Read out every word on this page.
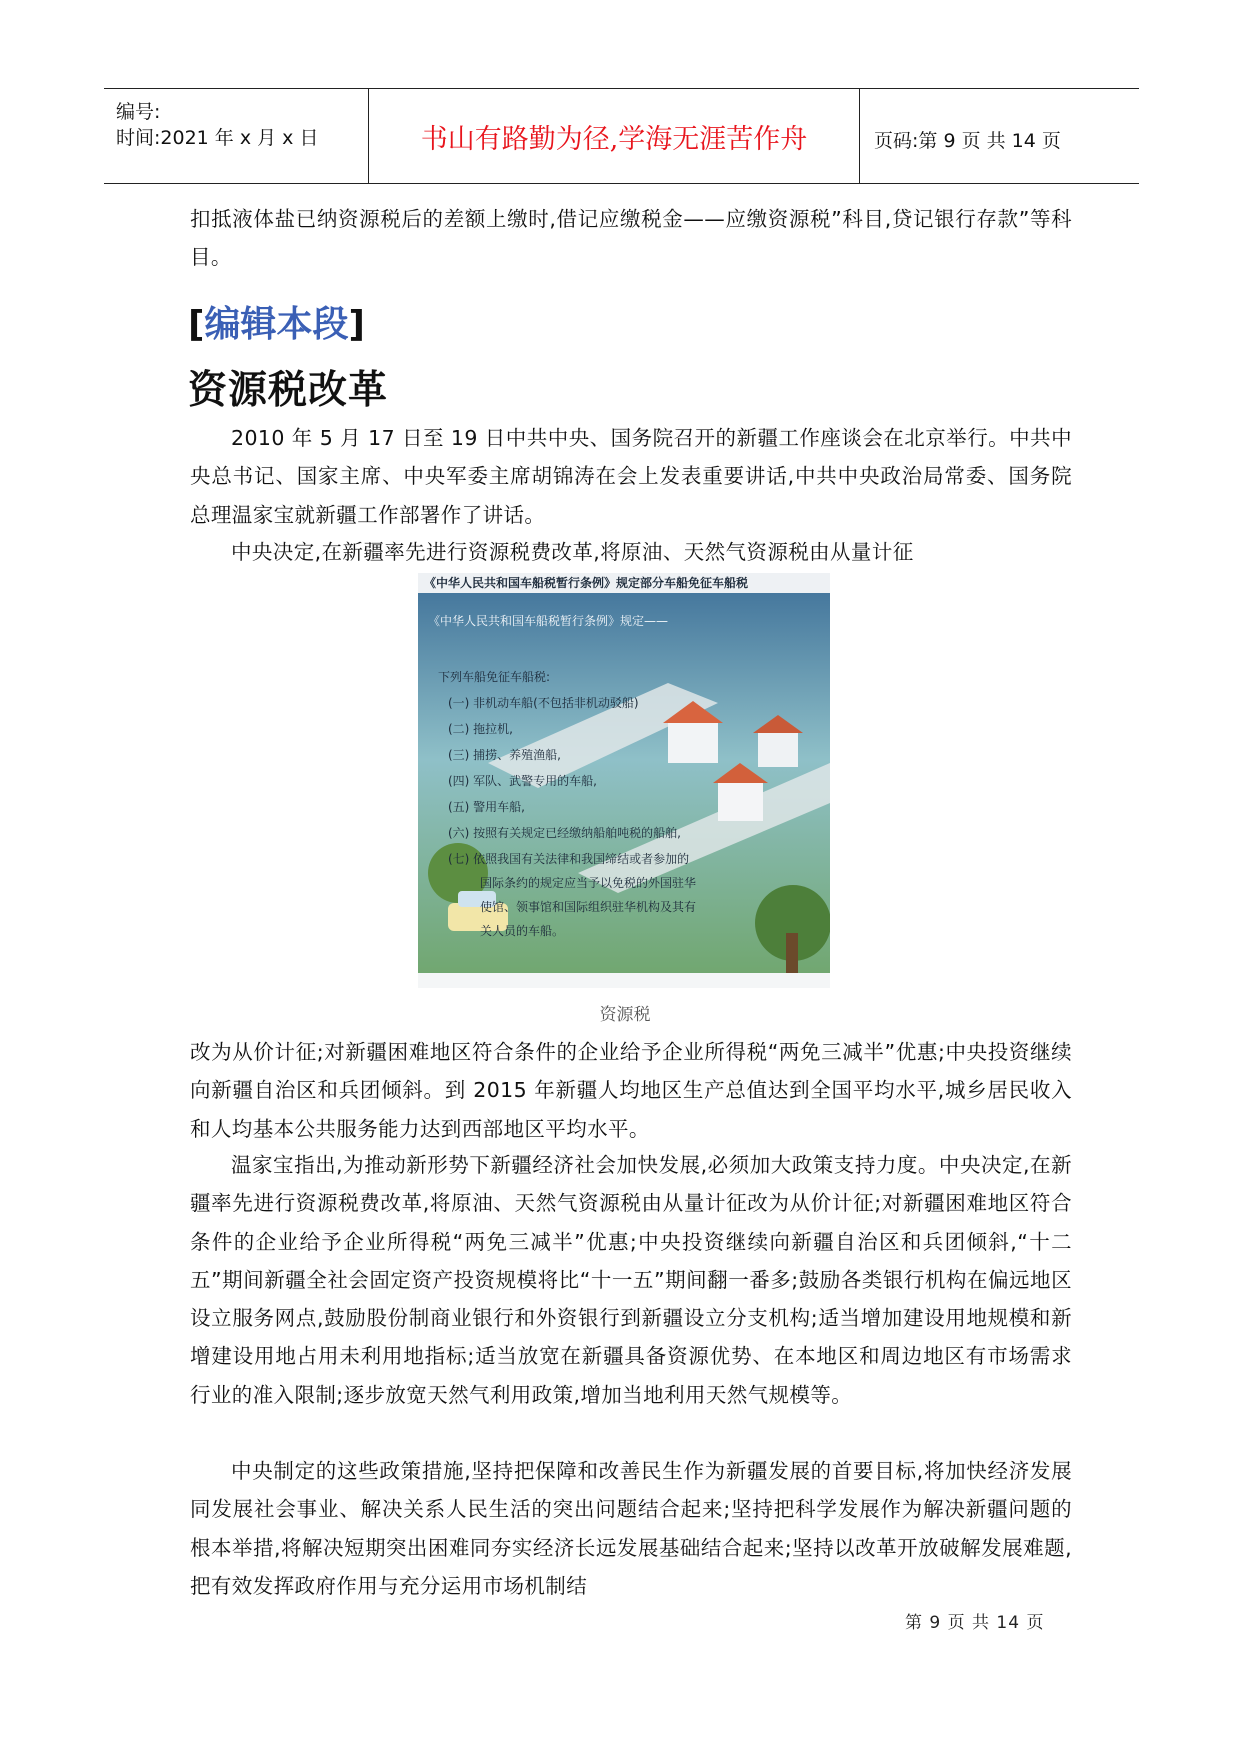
编号:
时间:2021 年 x 月 x 日	书山有路勤为径,学海无涯苦作舟	页码:第 9 页 共 14 页
扣抵液体盐已纳资源税后的差额上缴时,借记应缴税金——应缴资源税”科目,贷记银行存款”等科目。
[编辑本段]
资源税改革
2010 年 5 月 17 日至 19 日中共中央、国务院召开的新疆工作座谈会在北京举行。中共中央总书记、国家主席、中央军委主席胡锦涛在会上发表重要讲话,中共中央政治局常委、国务院总理温家宝就新疆工作部署作了讲话。
中央决定,在新疆率先进行资源税费改革,将原油、天然气资源税由从量计征
《中华人民共和国车船税暂行条例》规定部分车船免征车船税
《中华人民共和国车船税暂行条例》规定——
下列车船免征车船税:
(一) 非机动车船(不包括非机动驳船)
(二) 拖拉机,
(三) 捕捞、养殖渔船,
(四) 军队、武警专用的车船,
(五) 警用车船,
(六) 按照有关规定已经缴纳船舶吨税的船舶,
(七) 依照我国有关法律和我国缔结或者参加的
国际条约的规定应当予以免税的外国驻华
使馆、领事馆和国际组织驻华机构及其有
关人员的车船。
资源税
改为从价计征;对新疆困难地区符合条件的企业给予企业所得税“两免三减半”优惠;中央投资继续向新疆自治区和兵团倾斜。到 2015 年新疆人均地区生产总值达到全国平均水平,城乡居民收入和人均基本公共服务能力达到西部地区平均水平。
温家宝指出,为推动新形势下新疆经济社会加快发展,必须加大政策支持力度。中央决定,在新疆率先进行资源税费改革,将原油、天然气资源税由从量计征改为从价计征;对新疆困难地区符合条件的企业给予企业所得税“两免三减半”优惠;中央投资继续向新疆自治区和兵团倾斜,“十二五”期间新疆全社会固定资产投资规模将比“十一五”期间翻一番多;鼓励各类银行机构在偏远地区设立服务网点,鼓励股份制商业银行和外资银行到新疆设立分支机构;适当增加建设用地规模和新增建设用地占用未利用地指标;适当放宽在新疆具备资源优势、在本地区和周边地区有市场需求行业的准入限制;逐步放宽天然气利用政策,增加当地利用天然气规模等。
中央制定的这些政策措施,坚持把保障和改善民生作为新疆发展的首要目标,将加快经济发展同发展社会事业、解决关系人民生活的突出问题结合起来;坚持把科学发展作为解决新疆问题的根本举措,将解决短期突出困难同夯实经济长远发展基础结合起来;坚持以改革开放破解发展难题,把有效发挥政府作用与充分运用市场机制结
第 9 页 共 14 页
